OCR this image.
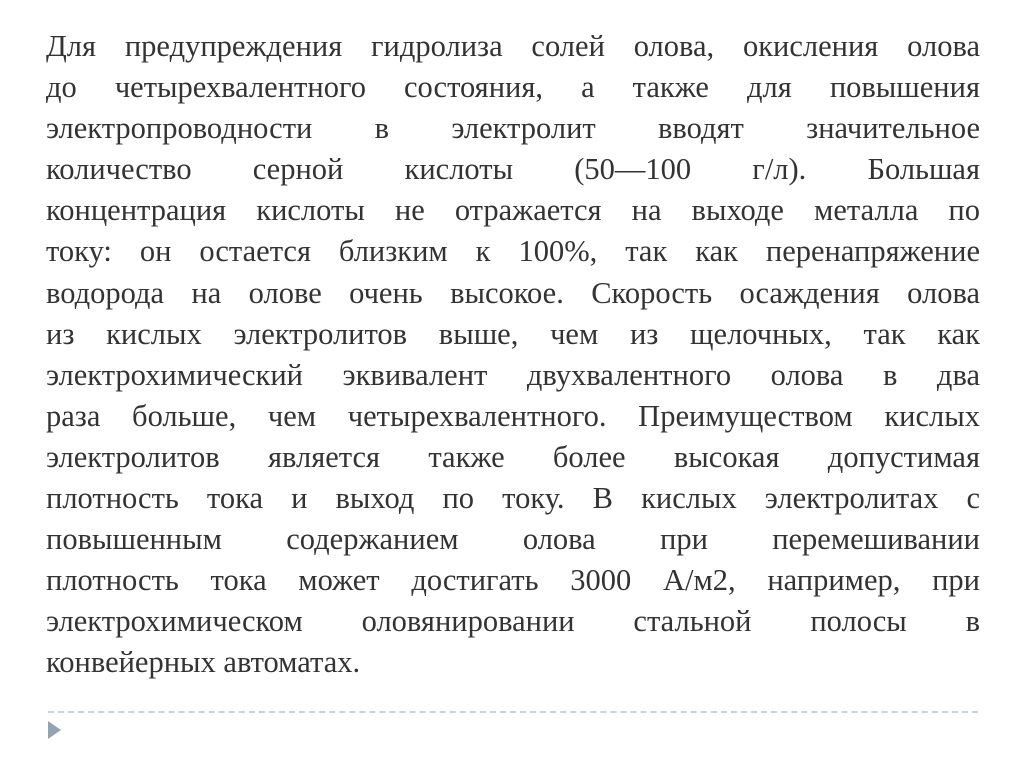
Для предупреждения гидролиза солей олова, окисления олова
до четырехвалентного состояния, а также для повышения
электропроводности в электролит вводят значительное
количество серной кислоты (50—100 г/л). Большая
концентрация кислоты не отражается на выходе металла по
току: он остается близким к 100%, так как перенапряжение
водорода на олове очень высокое. Скорость осаждения олова
из кислых электролитов выше, чем из щелочных, так как
электрохимический эквивалент двухвалентного олова в два
раза больше, чем четырехвалентного. Преимуществом кислых
электролитов является также более высокая допустимая
плотность тока и выход по току. В кислых электролитах с
повышенным содержанием олова при перемешивании
плотность тока может достигать 3000 А/м2, например, при
электрохимическом оловянировании стальной полосы в
конвейерных автоматах.
